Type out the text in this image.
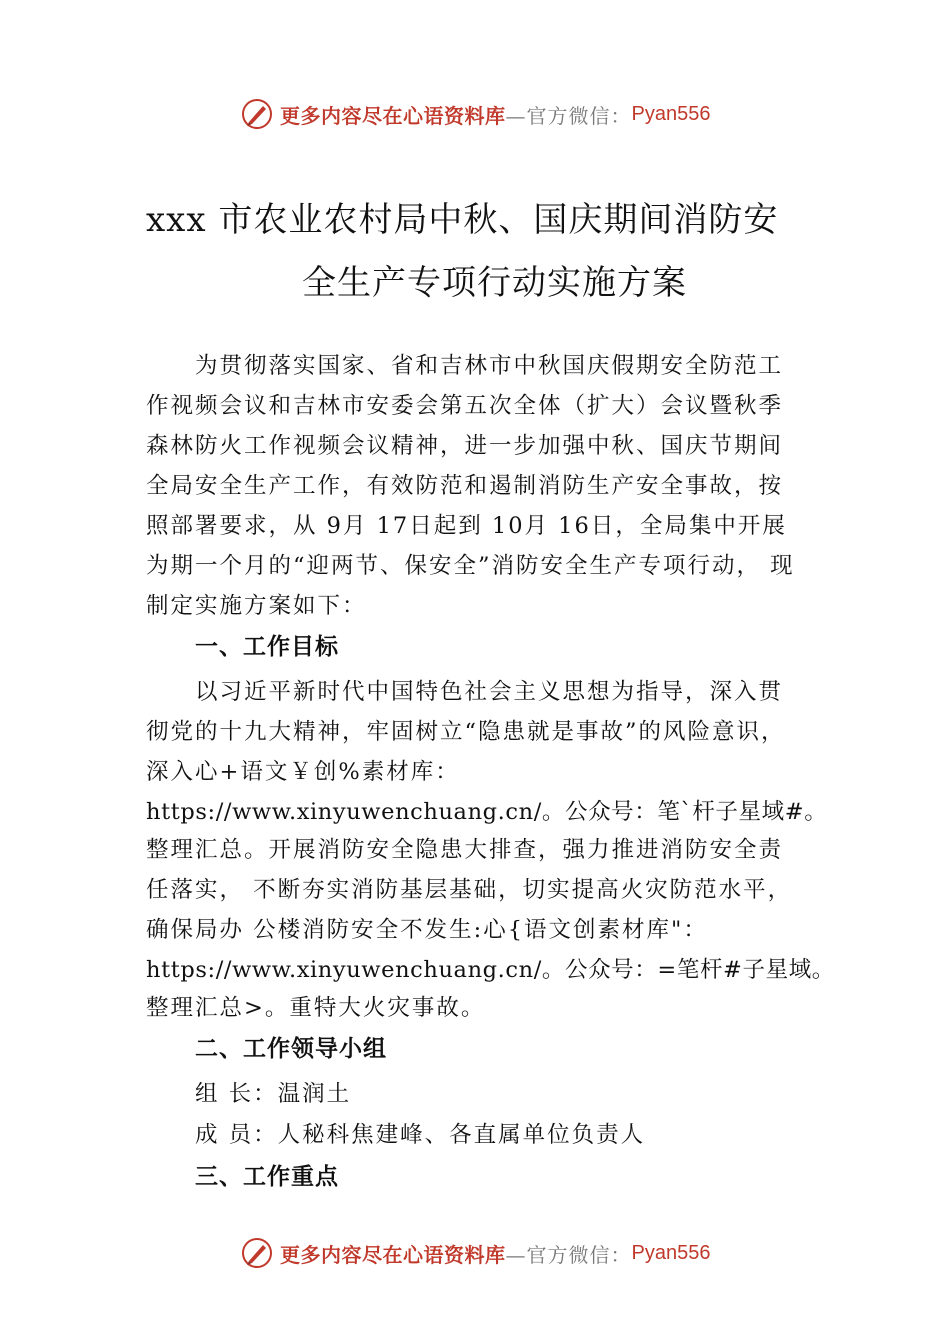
更多内容尽在心语资料库 —官方微信： Pyan556
xxx 市农业农村局中秋、国庆期间消防安
全生产专项行动实施方案
为贯彻落实国家、省和吉林市中秋国庆假期安全防范工
作视频会议和吉林市安委会第五次全体（扩大）会议暨秋季
森林防火工作视频会议精神，进一步加强中秋、国庆节期间
全局安全生产工作，有效防范和遏制消防生产安全事故，按
照部署要求，从 9月 17日起到 10月 16日，全局集中开展
为期一个月的“迎两节、保安全”消防安全生产专项行动， 现
制定实施方案如下：
一、工作目标
以习近平新时代中国特色社会主义思想为指导，深入贯
彻党的十九大精神，牢固树立“隐患就是事故”的风险意识，
深入心+语文￥创%素材库：
https://www.xinyuwenchuang.cn/。公众号：笔`杆子星域#。
整理汇总。开展消防安全隐患大排查，强力推进消防安全责
任落实， 不断夯实消防基层基础，切实提高火灾防范水平，
确保局办 公楼消防安全不发生:心{语文创素材库"：
https://www.xinyuwenchuang.cn/。公众号：=笔杆#子星域。
整理汇总>。重特大火灾事故。
二、工作领导小组
组 长：温润土
成 员：人秘科焦建峰、各直属单位负责人
三、工作重点
更多内容尽在心语资料库 —官方微信： Pyan556
